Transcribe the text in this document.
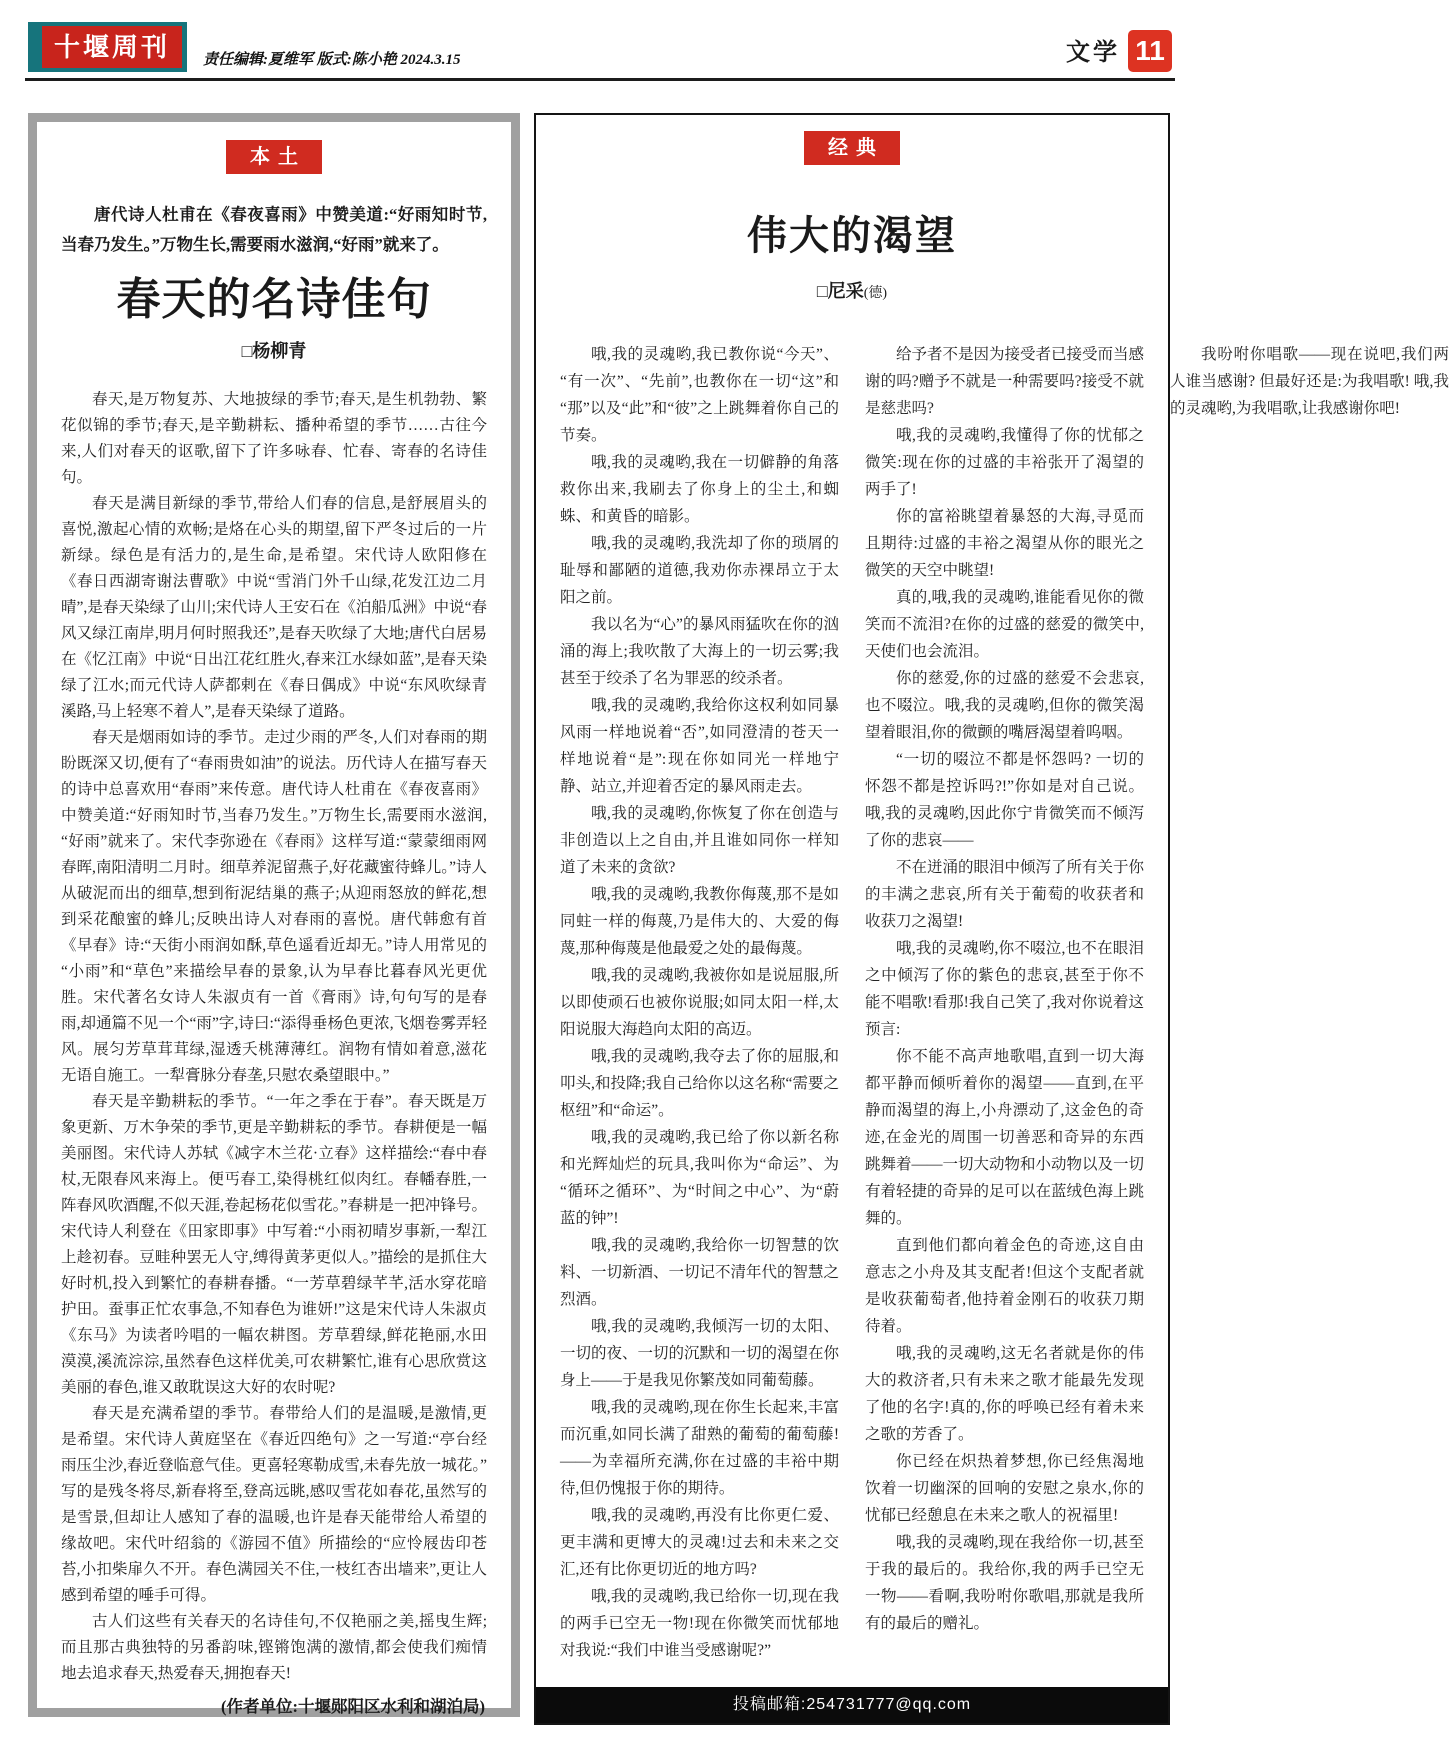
十堰周刊	责任编辑:夏维军 版式:陈小艳 2024.3.15	文学 11
本土

唐代诗人杜甫在《春夜喜雨》中赞美道:“好雨知时节,当春乃发生。”万物生长,需要雨水滋润,“好雨”就来了。

春天的名诗佳句
□杨柳青

春天,是万物复苏、大地披绿的季节;春天,是生机勃勃、繁花似锦的季节;春天,是辛勤耕耘、播种希望的季节……古往今来,人们对春天的讴歌,留下了许多咏春、忙春、寄春的名诗佳句。

春天是满目新绿的季节,带给人们春的信息,是舒展眉头的喜悦,激起心情的欢畅;是烙在心头的期望,留下严冬过后的一片新绿。绿色是有活力的,是生命,是希望。宋代诗人欧阳修在《春日西湖寄谢法曹歌》中说“雪消门外千山绿,花发江边二月晴”,是春天染绿了山川;宋代诗人王安石在《泊船瓜洲》中说“春风又绿江南岸,明月何时照我还”,是春天吹绿了大地;唐代白居易在《忆江南》中说“日出江花红胜火,春来江水绿如蓝”,是春天染绿了江水;而元代诗人萨都剌在《春日偶成》中说“东风吹绿青溪路,马上轻寒不着人”,是春天染绿了道路。

春天是烟雨如诗的季节。走过少雨的严冬,人们对春雨的期盼既深又切,便有了“春雨贵如油”的说法。历代诗人在描写春天的诗中总喜欢用“春雨”来传意。唐代诗人杜甫在《春夜喜雨》中赞美道:“好雨知时节,当春乃发生。”万物生长,需要雨水滋润,“好雨”就来了。宋代李弥逊在《春雨》这样写道:“蒙蒙细雨网春晖,南阳清明二月时。细草养泥留燕子,好花藏蜜待蜂儿。”诗人从破泥而出的细草,想到衔泥结巢的燕子;从迎雨怒放的鲜花,想到采花酿蜜的蜂儿;反映出诗人对春雨的喜悦。唐代韩愈有首《早春》诗:“天街小雨润如酥,草色遥看近却无。”诗人用常见的“小雨”和“草色”来描绘早春的景象,认为早春比暮春风光更优胜。宋代著名女诗人朱淑贞有一首《膏雨》诗,句句写的是春雨,却通篇不见一个“雨”字,诗曰:“添得垂杨色更浓,飞烟卷雾弄轻风。展匀芳草茸茸绿,湿透夭桃薄薄红。润物有情如着意,滋花无语自施工。一犁膏脉分春垄,只慰农桑望眼中。”

春天是辛勤耕耘的季节。“一年之季在于春”。春天既是万象更新、万木争荣的季节,更是辛勤耕耘的季节。春耕便是一幅美丽图。宋代诗人苏轼《减字木兰花·立春》这样描绘:“春中春杖,无限春风来海上。便丐春工,染得桃红似肉红。春幡春胜,一阵春风吹酒醒,不似天涯,卷起杨花似雪花。”春耕是一把冲锋号。宋代诗人利登在《田家即事》中写着:“小雨初晴岁事新,一犁江上趁初春。豆畦种罢无人守,缚得黄茅更似人。”描绘的是抓住大好时机,投入到繁忙的春耕春播。“一芳草碧绿芊芊,活水穿花暗护田。蚕事正忙农事急,不知春色为谁妍!”这是宋代诗人朱淑贞《东马》为读者吟唱的一幅农耕图。芳草碧绿,鲜花艳丽,水田漠漠,溪流淙淙,虽然春色这样优美,可农耕繁忙,谁有心思欣赏这美丽的春色,谁又敢耽误这大好的农时呢?

春天是充满希望的季节。春带给人们的是温暖,是激情,更是希望。宋代诗人黄庭坚在《春近四绝句》之一写道:“亭台经雨压尘沙,春近登临意气佳。更喜轻寒勒成雪,未春先放一城花。”写的是残冬将尽,新春将至,登高远眺,感叹雪花如春花,虽然写的是雪景,但却让人感知了春的温暖,也许是春天能带给人希望的缘故吧。宋代叶绍翁的《游园不值》所描绘的“应怜屐齿印苍苔,小扣柴扉久不开。春色满园关不住,一枝红杏出墙来”,更让人感到希望的唾手可得。

古人们这些有关春天的名诗佳句,不仅艳丽之美,摇曳生辉;而且那古典独特的另番韵味,铿锵饱满的激情,都会使我们痴情地去追求春天,热爱春天,拥抱春天!

(作者单位:十堰郧阳区水利和湖泊局)
经典
伟大的渴望
□尼采(德)

哦,我的灵魂哟,我已教你说“今天”、“有一次”、“先前”,也教你在一切“这”和“那”以及“此”和“彼”之上跳舞着你自己的节奏。

哦,我的灵魂哟,我在一切僻静的角落救你出来,我刷去了你身上的尘土,和蜘蛛、和黄昏的暗影。

哦,我的灵魂哟,我洗却了你的琐屑的耻辱和鄙陋的道德,我劝你赤裸昂立于太阳之前。

我以名为“心”的暴风雨猛吹在你的汹涌的海上;我吹散了大海上的一切云雾;我甚至于绞杀了名为罪恶的绞杀者。

哦,我的灵魂哟,我给你这权利如同暴风雨一样地说着“否”,如同澄清的苍天一样地说着“是”:现在你如同光一样地宁静、站立,并迎着否定的暴风雨走去。

哦,我的灵魂哟,你恢复了你在创造与非创造以上之自由,并且谁如同你一样知道了未来的贪欲?

哦,我的灵魂哟,我教你侮蔑,那不是如同蛀一样的侮蔑,乃是伟大的、大爱的侮蔑,那种侮蔑是他最爱之处的最侮蔑。

哦,我的灵魂哟,我被你如是说屈服,所以即使顽石也被你说服;如同太阳一样,太阳说服大海趋向太阳的高迈。

哦,我的灵魂哟,我夺去了你的屈服,和叩头,和投降;我自己给你以这名称“需要之枢纽”和“命运”。

哦,我的灵魂哟,我已给了你以新名称和光辉灿烂的玩具,我叫你为“命运”、为“循环之循环”、为“时间之中心”、为“蔚蓝的钟”!

哦,我的灵魂哟,我给你一切智慧的饮料、一切新酒、一切记不清年代的智慧之烈酒。

哦,我的灵魂哟,我倾泻一切的太阳、一切的夜、一切的沉默和一切的渴望在你身上——于是我见你繁茂如同葡萄藤。

哦,我的灵魂哟,现在你生长起来,丰富而沉重,如同长满了甜熟的葡萄的葡萄藤!——为幸福所充满,你在过盛的丰裕中期待,但仍愧报于你的期待。

哦,我的灵魂哟,再没有比你更仁爱、更丰满和更博大的灵魂!过去和未来之交汇,还有比你更切近的地方吗?

哦,我的灵魂哟,我已给你一切,现在我的两手已空无一物!现在你微笑而忧郁地对我说:“我们中谁当受感谢呢?”

给予者不是因为接受者已接受而当感谢的吗?赠予不就是一种需要吗?接受不就是慈悲吗?

哦,我的灵魂哟,我懂得了你的忧郁之微笑:现在你的过盛的丰裕张开了渴望的两手了!

你的富裕眺望着暴怒的大海,寻觅而且期待:过盛的丰裕之渴望从你的眼光之微笑的天空中眺望!

真的,哦,我的灵魂哟,谁能看见你的微笑而不流泪?在你的过盛的慈爱的微笑中,天使们也会流泪。

你的慈爱,你的过盛的慈爱不会悲哀,也不啜泣。哦,我的灵魂哟,但你的微笑渴望着眼泪,你的微颤的嘴唇渴望着呜咽。

“一切的啜泣不都是怀怨吗? 一切的怀怨不都是控诉吗?!”你如是对自己说。哦,我的灵魂哟,因此你宁肯微笑而不倾泻了你的悲哀——

不在迸涌的眼泪中倾泻了所有关于你的丰满之悲哀,所有关于葡萄的收获者和收获刀之渴望!

哦,我的灵魂哟,你不啜泣,也不在眼泪之中倾泻了你的紫色的悲哀,甚至于你不能不唱歌!看那!我自己笑了,我对你说着这预言:

你不能不高声地歌唱,直到一切大海都平静而倾听着你的渴望——直到,在平静而渴望的海上,小舟漂动了,这金色的奇迹,在金光的周围一切善恶和奇异的东西跳舞着——一切大动物和小动物以及一切有着轻捷的奇异的足可以在蓝绒色海上跳舞的。

直到他们都向着金色的奇迹,这自由意志之小舟及其支配者!但这个支配者就是收获葡萄者,他持着金刚石的收获刀期待着。

哦,我的灵魂哟,这无名者就是你的伟大的救济者,只有未来之歌才能最先发现了他的名字!真的,你的呼唤已经有着未来之歌的芳香了。

你已经在炽热着梦想,你已经焦渴地饮着一切幽深的回响的安慰之泉水,你的忧郁已经憩息在未来之歌人的祝福里!

哦,我的灵魂哟,现在我给你一切,甚至于我的最后的。我给你,我的两手已空无一物——看啊,我吩咐你歌唱,那就是我所有的最后的赠礼。

我吩咐你唱歌——现在说吧,我们两人谁当感谢? 但最好还是:为我唱歌! 哦,我的灵魂哟,为我唱歌,让我感谢你吧!

投稿邮箱:254731777@qq.com
